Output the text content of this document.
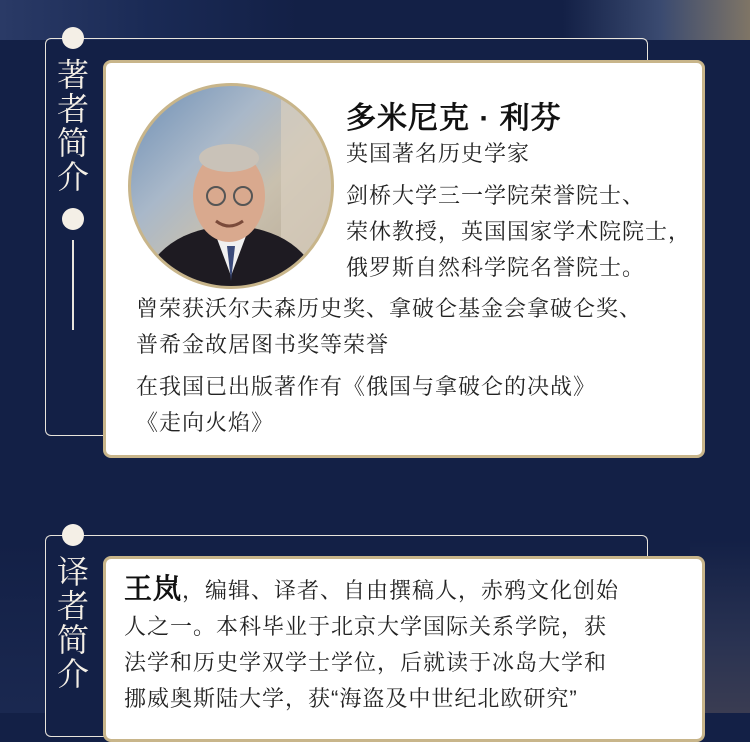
著
者
简
介
多米尼克 · 利芬
英国著名历史学家
剑桥大学三一学院荣誉院士、
荣休教授，英国国家学术院院士，
俄罗斯自然科学院名誉院士。
曾荣获沃尔夫森历史奖、拿破仑基金会拿破仑奖、
普希金故居图书奖等荣誉
在我国已出版著作有《俄国与拿破仑的决战》
《走向火焰》
译
者
简
介
王岚，编辑、译者、自由撰稿人，赤鸦文化创始
人之一。本科毕业于北京大学国际关系学院，获
法学和历史学双学士学位，后就读于冰岛大学和
挪威奥斯陆大学，获“海盗及中世纪北欧研究”
